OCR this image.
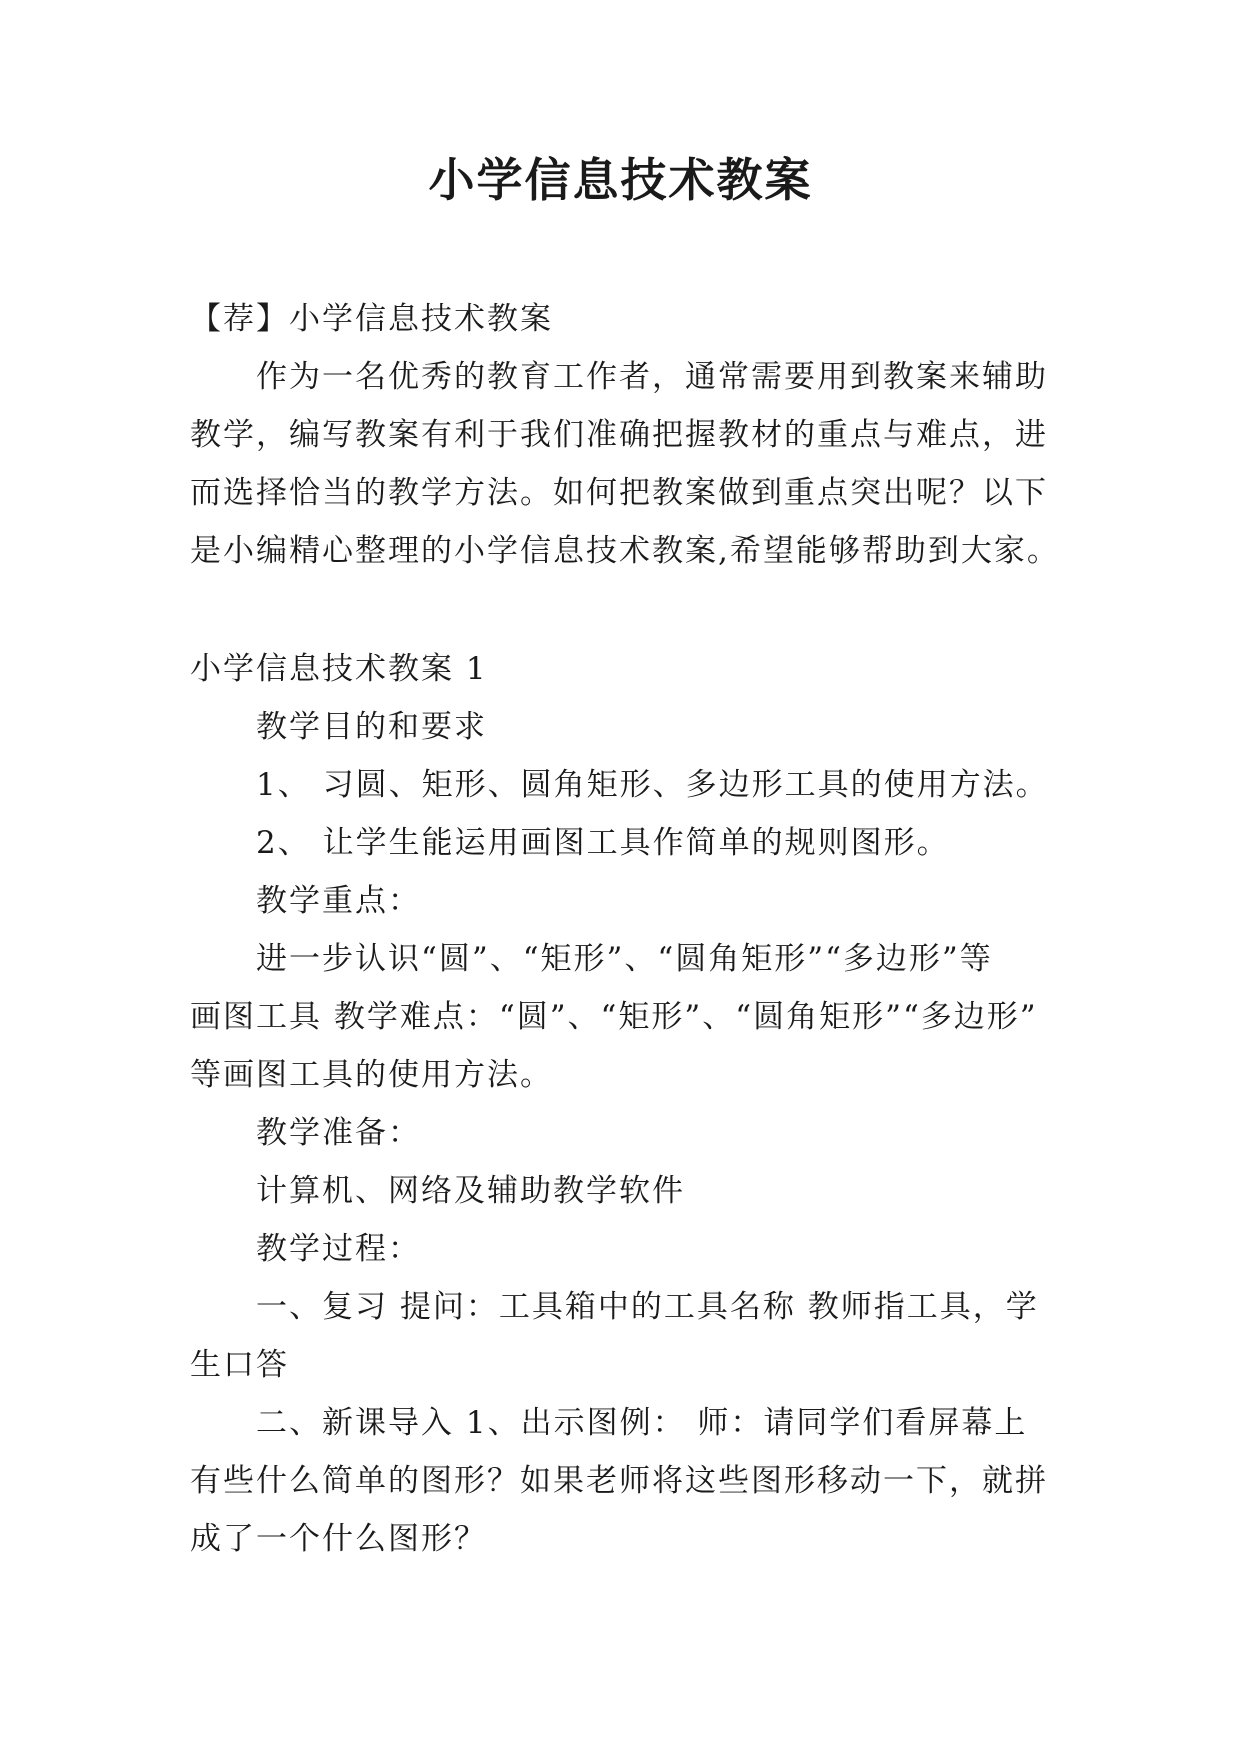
小学信息技术教案
【荐】小学信息技术教案
作为一名优秀的教育工作者，通常需要用到教案来辅助
教学，编写教案有利于我们准确把握教材的重点与难点，进
而选择恰当的教学方法。如何把教案做到重点突出呢？以下
是小编精心整理的小学信息技术教案,希望能够帮助到大家。
小学信息技术教案 1
教学目的和要求
1、 习圆、矩形、圆角矩形、多边形工具的使用方法。
2、 让学生能运用画图工具作简单的规则图形。
教学重点：
进一步认识“圆”、“矩形”、“圆角矩形”“多边形”等
画图工具 教学难点：“圆”、“矩形”、“圆角矩形”“多边形”
等画图工具的使用方法。
教学准备：
计算机、网络及辅助教学软件
教学过程：
一、复习 提问：工具箱中的工具名称 教师指工具，学
生口答
二、新课导入 1、出示图例： 师：请同学们看屏幕上
有些什么简单的图形？如果老师将这些图形移动一下，就拼
成了一个什么图形？
